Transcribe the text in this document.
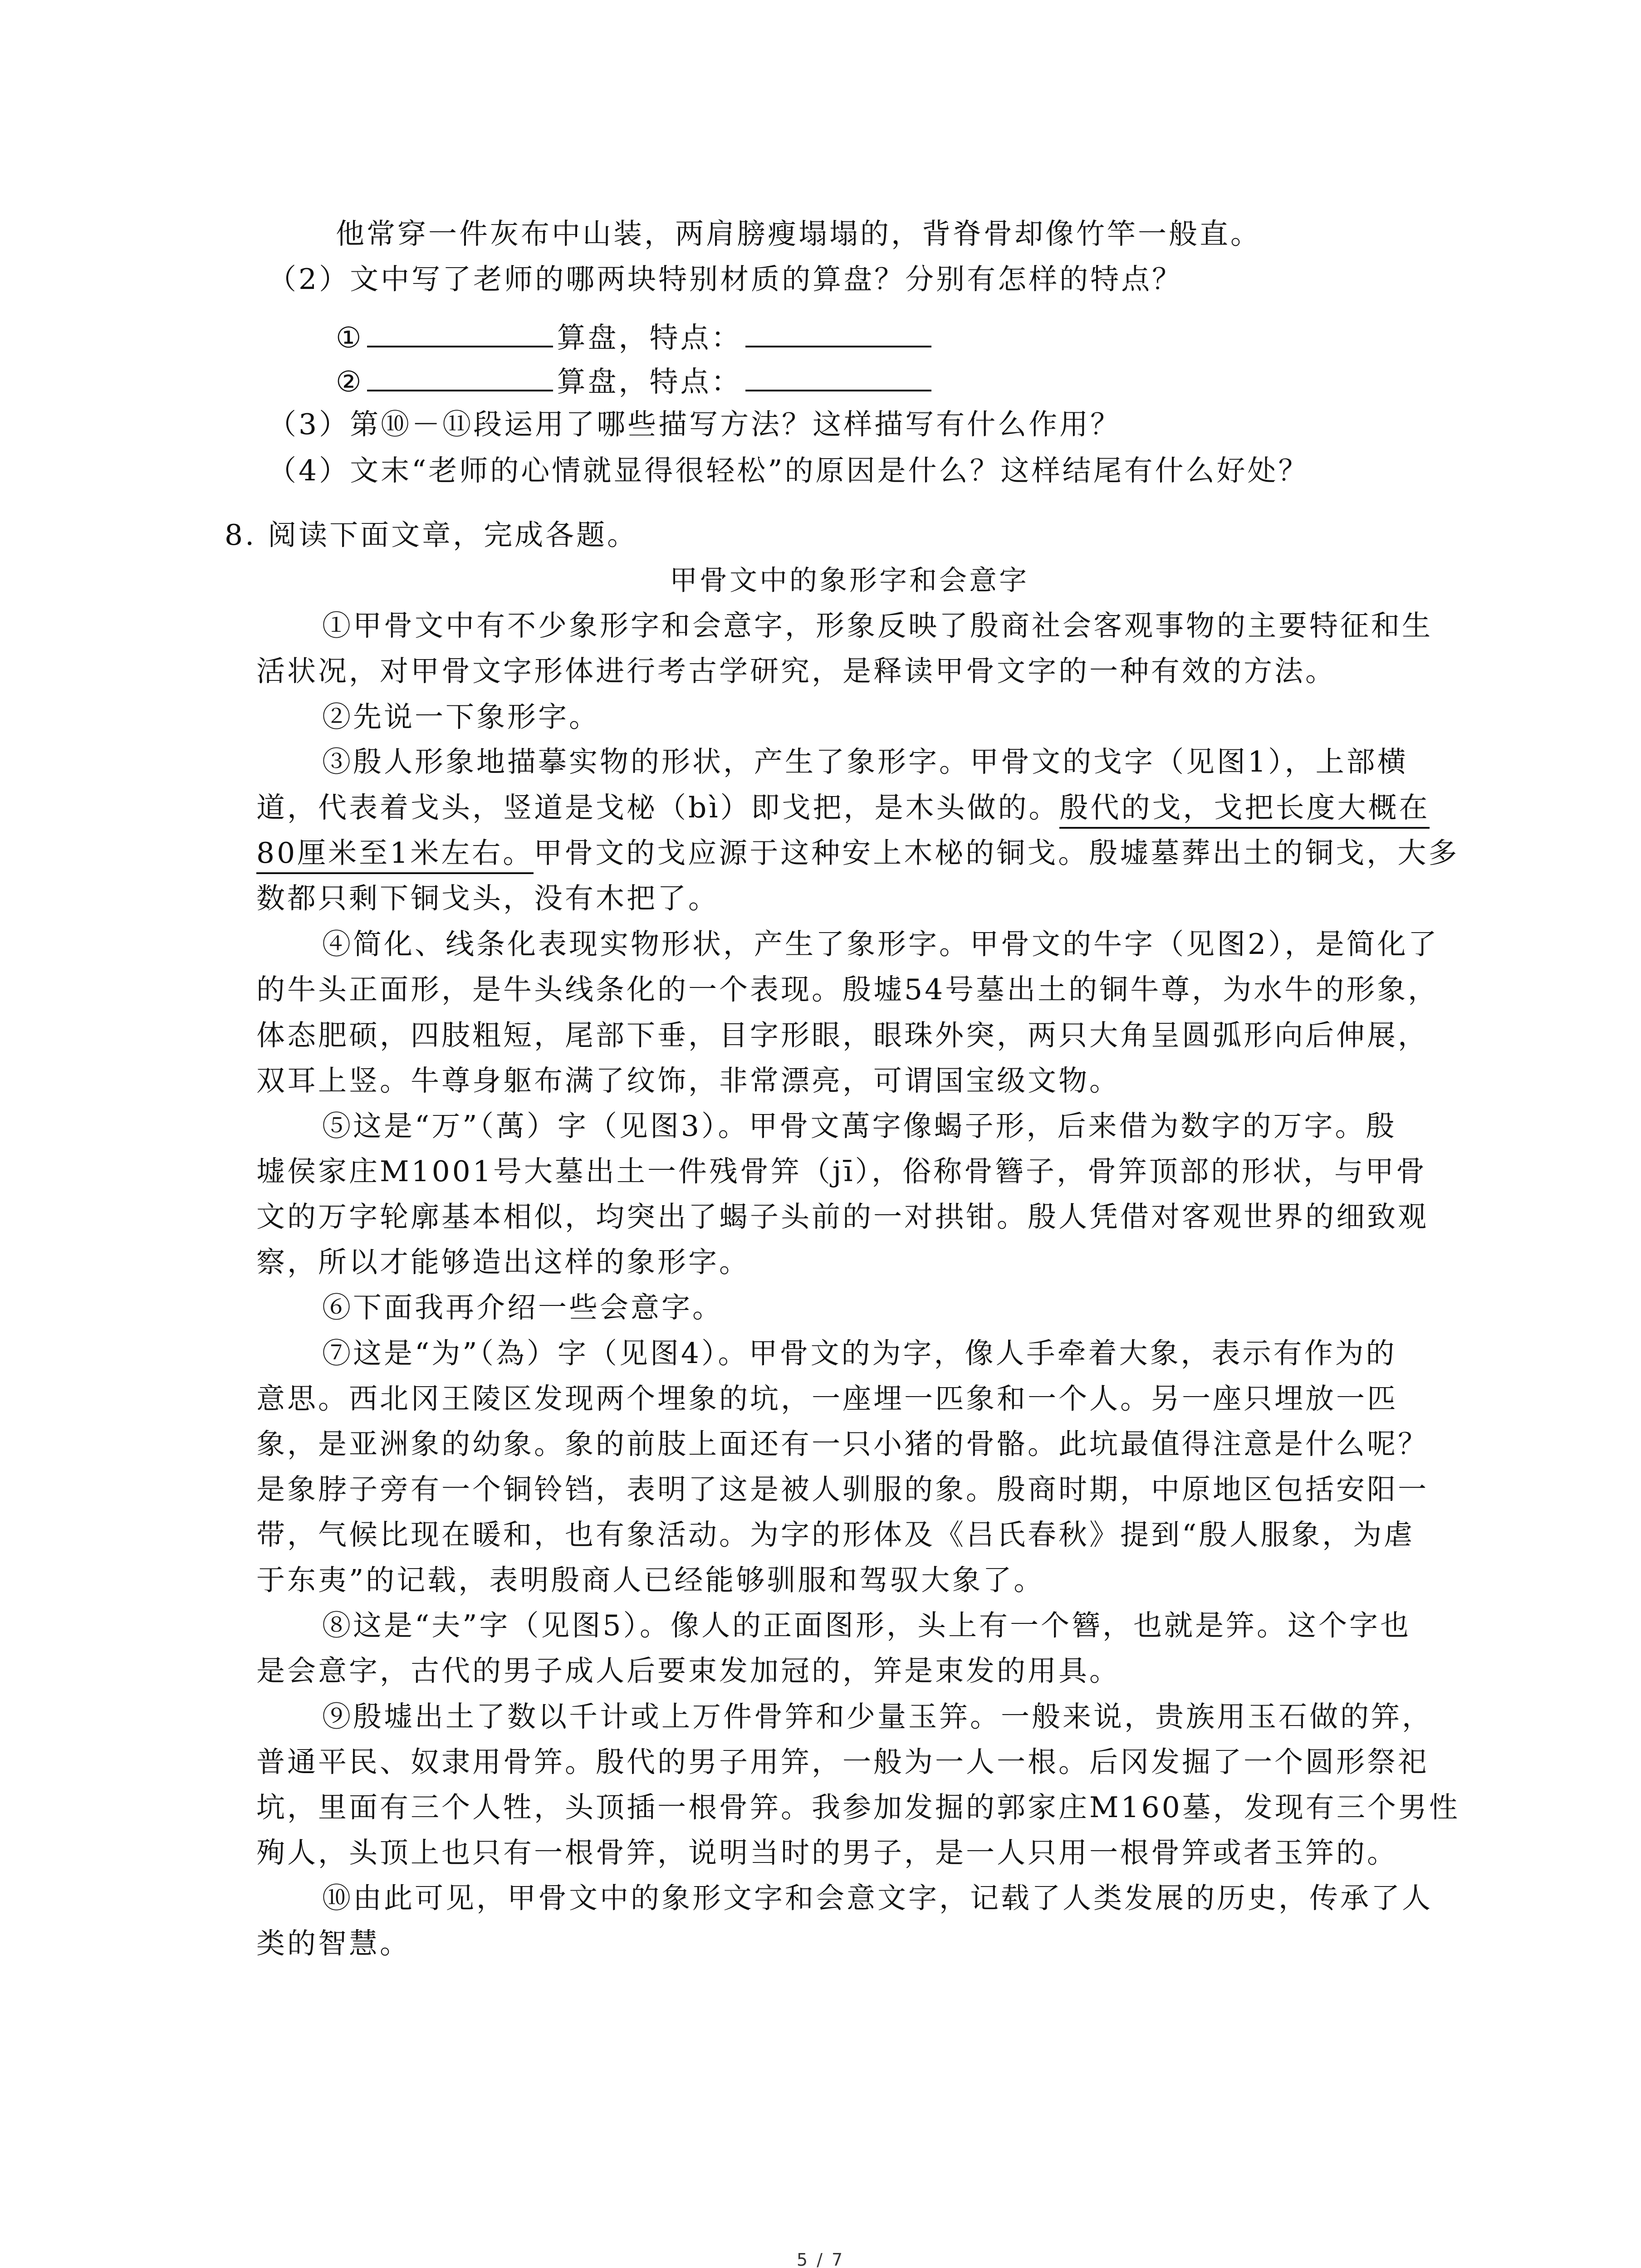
他常穿一件灰布中山装，两肩膀瘦塌塌的，背脊骨却像竹竿一般直。
（2）文中写了老师的哪两块特别材质的算盘？分别有怎样的特点？
①	算盘，特点：
②	算盘，特点：
（3）第⑩－⑪段运用了哪些描写方法？这样描写有什么作用？
（4）文末“老师的心情就显得很轻松”的原因是什么？这样结尾有什么好处？
8. 阅读下面文章，完成各题。
甲骨文中的象形字和会意字
①甲骨文中有不少象形字和会意字，形象反映了殷商社会客观事物的主要特征和生
活状况，对甲骨文字形体进行考古学研究，是释读甲骨文字的一种有效的方法。
②先说一下象形字。
③殷人形象地描摹实物的形状，产生了象形字。甲骨文的戈字（见图1），上部横
道，代表着戈头，竖道是戈柲（bì）即戈把，是木头做的。殷代的戈，戈把长度大概在
80厘米至1米左右。甲骨文的戈应源于这种安上木柲的铜戈。殷墟墓葬出土的铜戈，大多
数都只剩下铜戈头，没有木把了。
④简化、线条化表现实物形状，产生了象形字。甲骨文的牛字（见图2），是简化了
的牛头正面形，是牛头线条化的一个表现。殷墟54号墓出土的铜牛尊，为水牛的形象，
体态肥硕，四肢粗短，尾部下垂，目字形眼，眼珠外突，两只大角呈圆弧形向后伸展，
双耳上竖。牛尊身躯布满了纹饰，非常漂亮，可谓国宝级文物。
⑤这是“万”（萬）字（见图3）。甲骨文萬字像蝎子形，后来借为数字的万字。殷
墟侯家庄M1001号大墓出土一件残骨笄（jī），俗称骨簪子，骨笄顶部的形状，与甲骨
文的万字轮廓基本相似，均突出了蝎子头前的一对拱钳。殷人凭借对客观世界的细致观
察，所以才能够造出这样的象形字。
⑥下面我再介绍一些会意字。
⑦这是“为”（為）字（见图4）。甲骨文的为字，像人手牵着大象，表示有作为的
意思。西北冈王陵区发现两个埋象的坑，一座埋一匹象和一个人。另一座只埋放一匹
象，是亚洲象的幼象。象的前肢上面还有一只小猪的骨骼。此坑最值得注意是什么呢？
是象脖子旁有一个铜铃铛，表明了这是被人驯服的象。殷商时期，中原地区包括安阳一
带，气候比现在暖和，也有象活动。为字的形体及《吕氏春秋》提到“殷人服象，为虐
于东夷”的记载，表明殷商人已经能够驯服和驾驭大象了。
⑧这是“夫”字（见图5）。像人的正面图形，头上有一个簪，也就是笄。这个字也
是会意字，古代的男子成人后要束发加冠的，笄是束发的用具。
⑨殷墟出土了数以千计或上万件骨笄和少量玉笄。一般来说，贵族用玉石做的笄，
普通平民、奴隶用骨笄。殷代的男子用笄，一般为一人一根。后冈发掘了一个圆形祭祀
坑，里面有三个人牲，头顶插一根骨笄。我参加发掘的郭家庄M160墓，发现有三个男性
殉人，头顶上也只有一根骨笄，说明当时的男子，是一人只用一根骨笄或者玉笄的。
⑩由此可见，甲骨文中的象形文字和会意文字，记载了人类发展的历史，传承了人
类的智慧。
5 / 7
